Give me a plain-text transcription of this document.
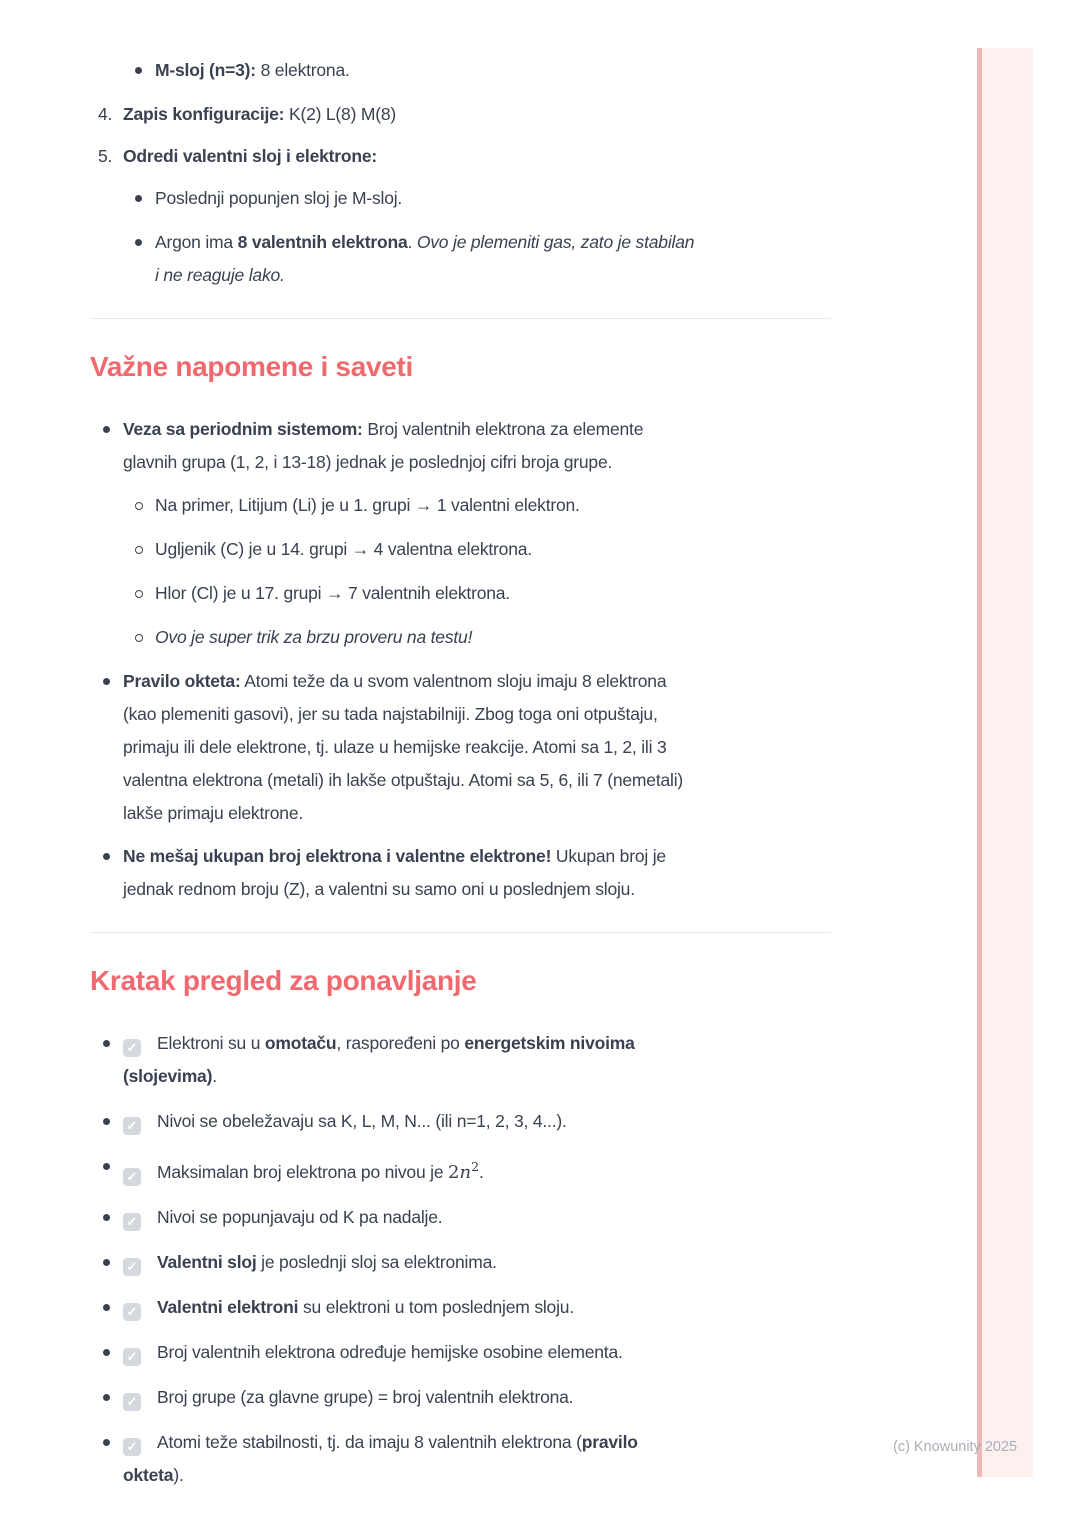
M-sloj (n=3): 8 elektrona.
4. Zapis konfiguracije: K(2) L(8) M(8)
5. Odredi valentni sloj i elektrone:
Poslednji popunjen sloj je M-sloj.
Argon ima 8 valentnih elektrona. Ovo je plemeniti gas, zato je stabilan
i ne reaguje lako.
Važne napomene i saveti
Veza sa periodnim sistemom: Broj valentnih elektrona za elemente
glavnih grupa (1, 2, i 13-18) jednak je poslednjoj cifri broja grupe.
Na primer, Litijum (Li) je u 1. grupi → 1 valentni elektron.
Ugljenik (C) je u 14. grupi → 4 valentna elektrona.
Hlor (Cl) je u 17. grupi → 7 valentnih elektrona.
Ovo je super trik za brzu proveru na testu!
Pravilo okteta: Atomi teže da u svom valentnom sloju imaju 8 elektrona
(kao plemeniti gasovi), jer su tada najstabilniji. Zbog toga oni otpuštaju,
primaju ili dele elektrone, tj. ulaze u hemijske reakcije. Atomi sa 1, 2, ili 3
valentna elektrona (metali) ih lakše otpuštaju. Atomi sa 5, 6, ili 7 (nemetali)
lakše primaju elektrone.
Ne mešaj ukupan broj elektrona i valentne elektrone! Ukupan broj je
jednak rednom broju (Z), a valentni su samo oni u poslednjem sloju.
Kratak pregled za ponavljanje
✓ Elektroni su u omotaču, raspoređeni po energetskim nivoima
(slojevima).
✓ Nivoi se obeležavaju sa K, L, M, N... (ili n=1, 2, 3, 4...).
✓ Maksimalan broj elektrona po nivou je $2n^2$.
✓ Nivoi se popunjavaju od K pa nadalje.
✓ Valentni sloj je poslednji sloj sa elektronima.
✓ Valentni elektroni su elektroni u tom poslednjem sloju.
✓ Broj valentnih elektrona određuje hemijske osobine elementa.
✓ Broj grupe (za glavne grupe) = broj valentnih elektrona.
✓ Atomi teže stabilnosti, tj. da imaju 8 valentnih elektrona (pravilo
okteta).
(c) Knowunity 2025
